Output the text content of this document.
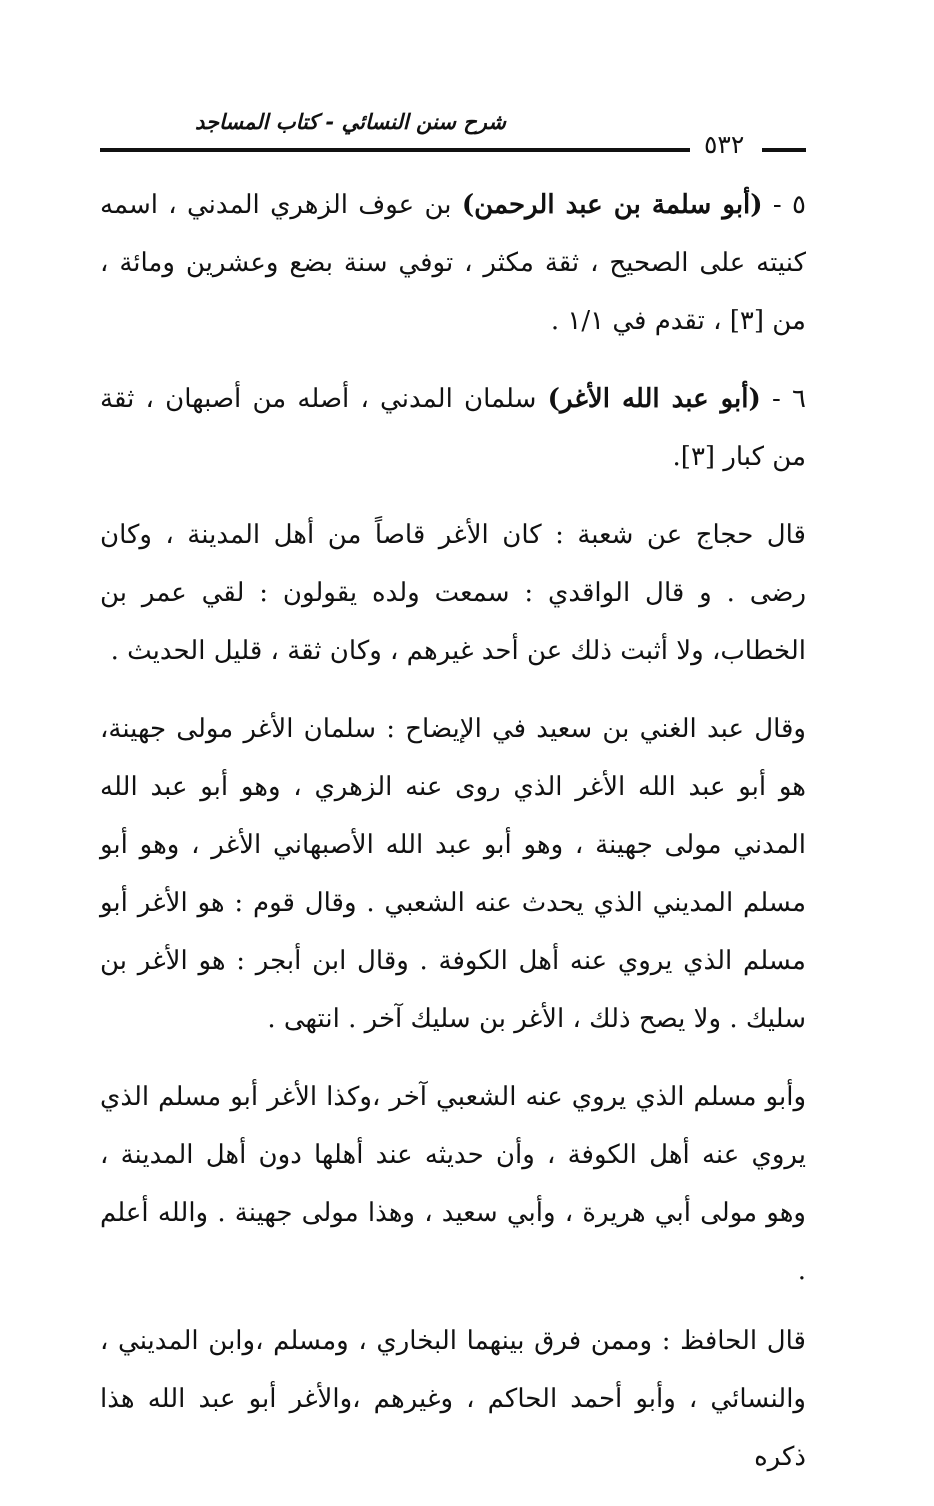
شرح سنن النسائي - كتاب المساجد
٥٣٢

٥ - (أبو سلمة بن عبد الرحمن) بن عوف الزهري المدني ، اسمه كنيته على الصحيح ، ثقة مكثر ، توفي سنة بضع وعشرين ومائة ، من [٣] ، تقدم في ١/١ .

٦ - (أبو عبد الله الأغر) سلمان المدني ، أصله من أصبهان ، ثقة من كبار [٣].

قال حجاج عن شعبة : كان الأغر قاصاً من أهل المدينة ، وكان رضى . و قال الواقدي : سمعت ولده يقولون : لقي عمر بن الخطاب، ولا أثبت ذلك عن أحد غيرهم ، وكان ثقة ، قليل الحديث .

وقال عبد الغني بن سعيد في الإيضاح : سلمان الأغر مولى جهينة، هو أبو عبد الله الأغر الذي روى عنه الزهري ، وهو أبو عبد الله المدني مولى جهينة ، وهو أبو عبد الله الأصبهاني الأغر ، وهو أبو مسلم المديني الذي يحدث عنه الشعبي . وقال قوم : هو الأغر أبو مسلم الذي يروي عنه أهل الكوفة . وقال ابن أبجر : هو الأغر بن سليك . ولا يصح ذلك ، الأغر بن سليك آخر . انتهى .

وأبو مسلم الذي يروي عنه الشعبي آخر ،وكذا الأغر أبو مسلم الذي يروي عنه أهل الكوفة ، وأن حديثه عند أهلها دون أهل المدينة ، وهو مولى أبي هريرة ، وأبي سعيد ، وهذا مولى جهينة . والله أعلم .

قال الحافظ : وممن فرق بينهما البخاري ، ومسلم ،وابن المديني ، والنسائي ، وأبو أحمد الحاكم ، وغيرهم ،والأغر أبو عبد الله هذا ذكره
